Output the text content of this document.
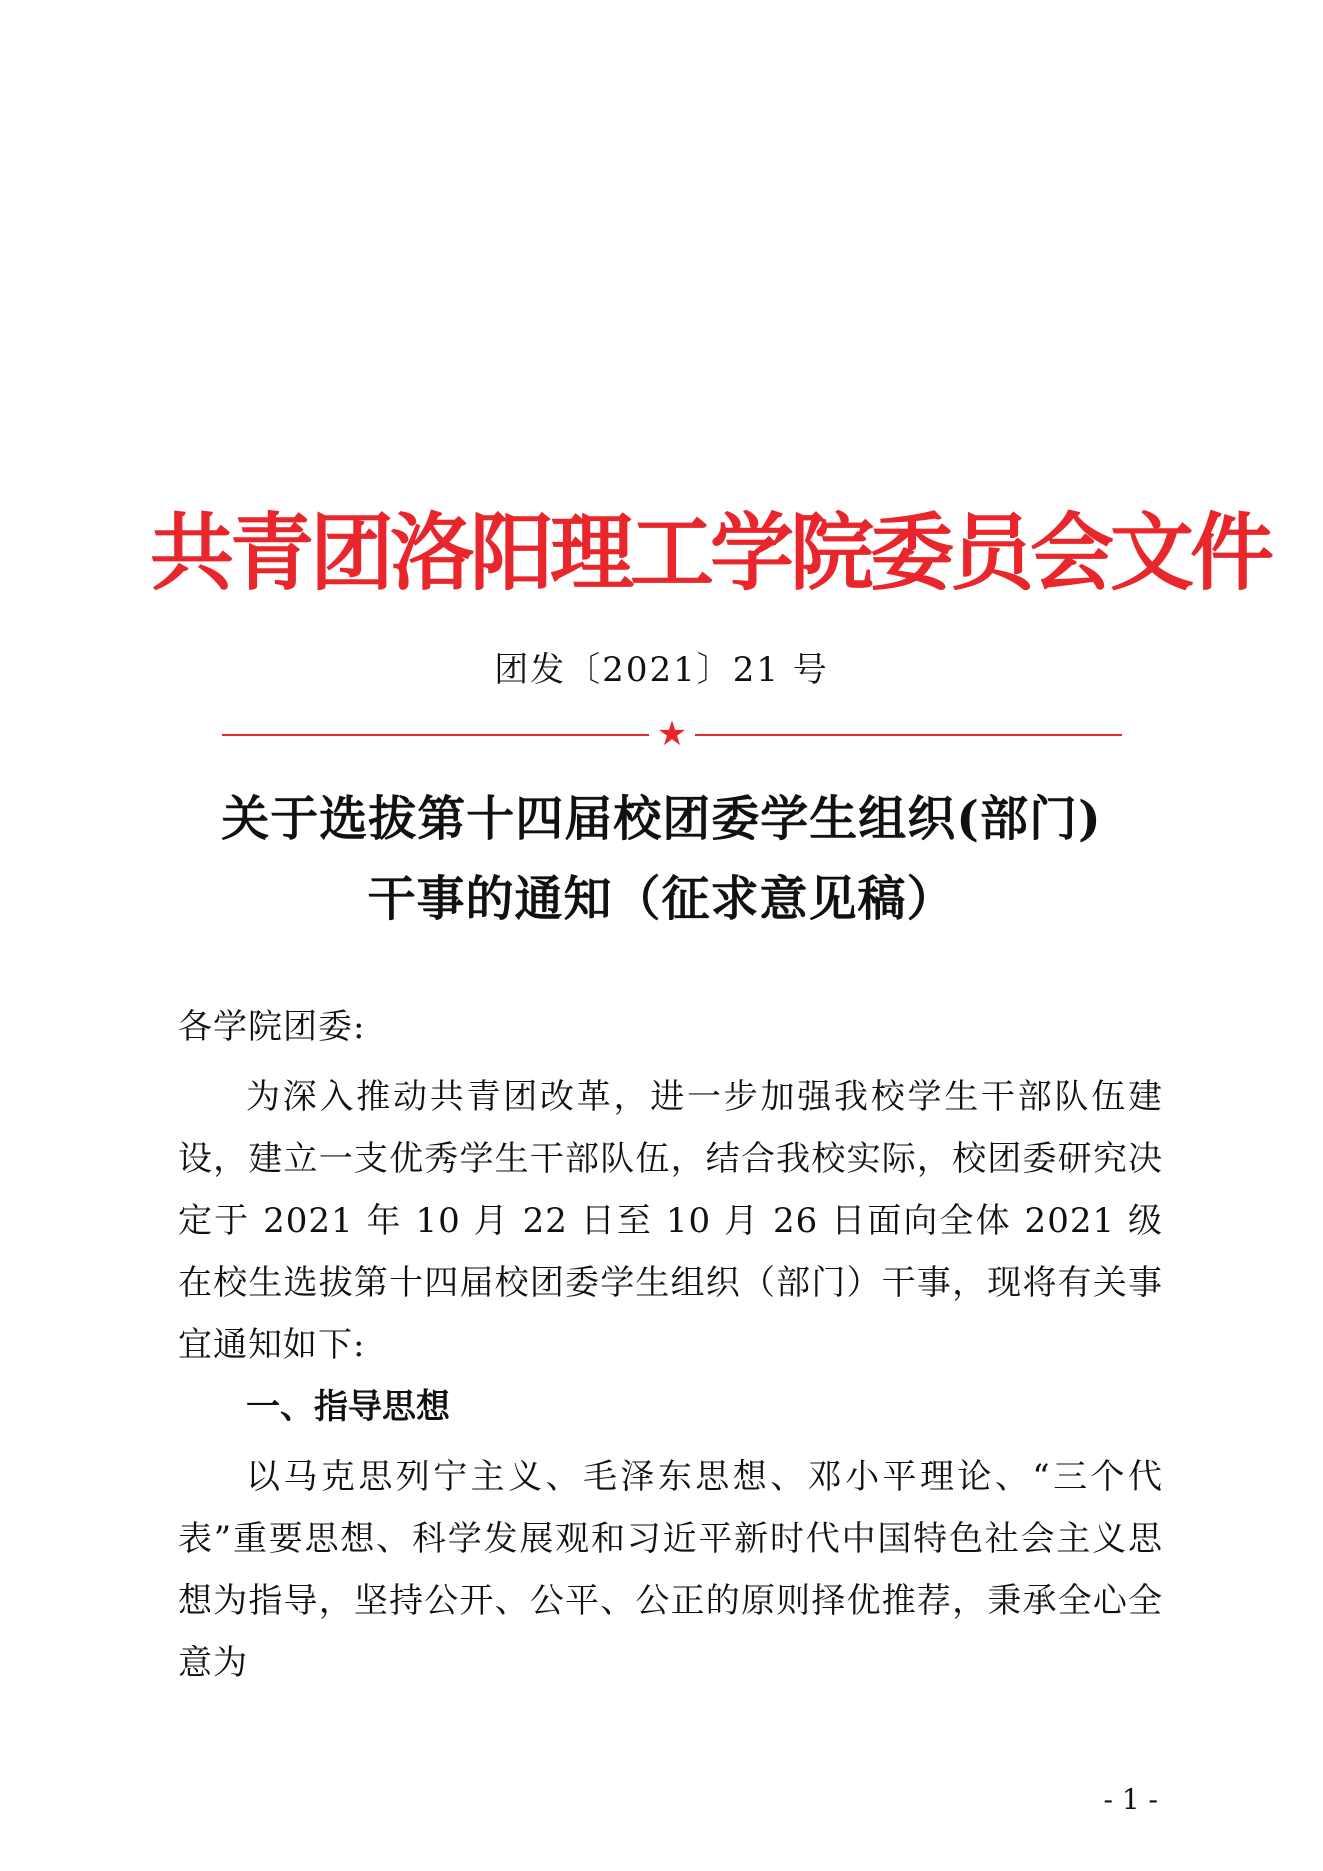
共青团洛阳理工学院委员会文件
团发〔2021〕21 号
★
关于选拔第十四届校团委学生组织(部门)
干事的通知（征求意见稿）
各学院团委:
为深入推动共青团改革，进一步加强我校学生干部队伍建设，建立一支优秀学生干部队伍，结合我校实际，校团委研究决定于 2021 年 10 月 22 日至 10 月 26 日面向全体 2021 级在校生选拔第十四届校团委学生组织（部门）干事，现将有关事宜通知如下:
一、指导思想
以马克思列宁主义、毛泽东思想、邓小平理论、“三个代表”重要思想、科学发展观和习近平新时代中国特色社会主义思想为指导，坚持公开、公平、公正的原则择优推荐，秉承全心全意为
- 1 -
